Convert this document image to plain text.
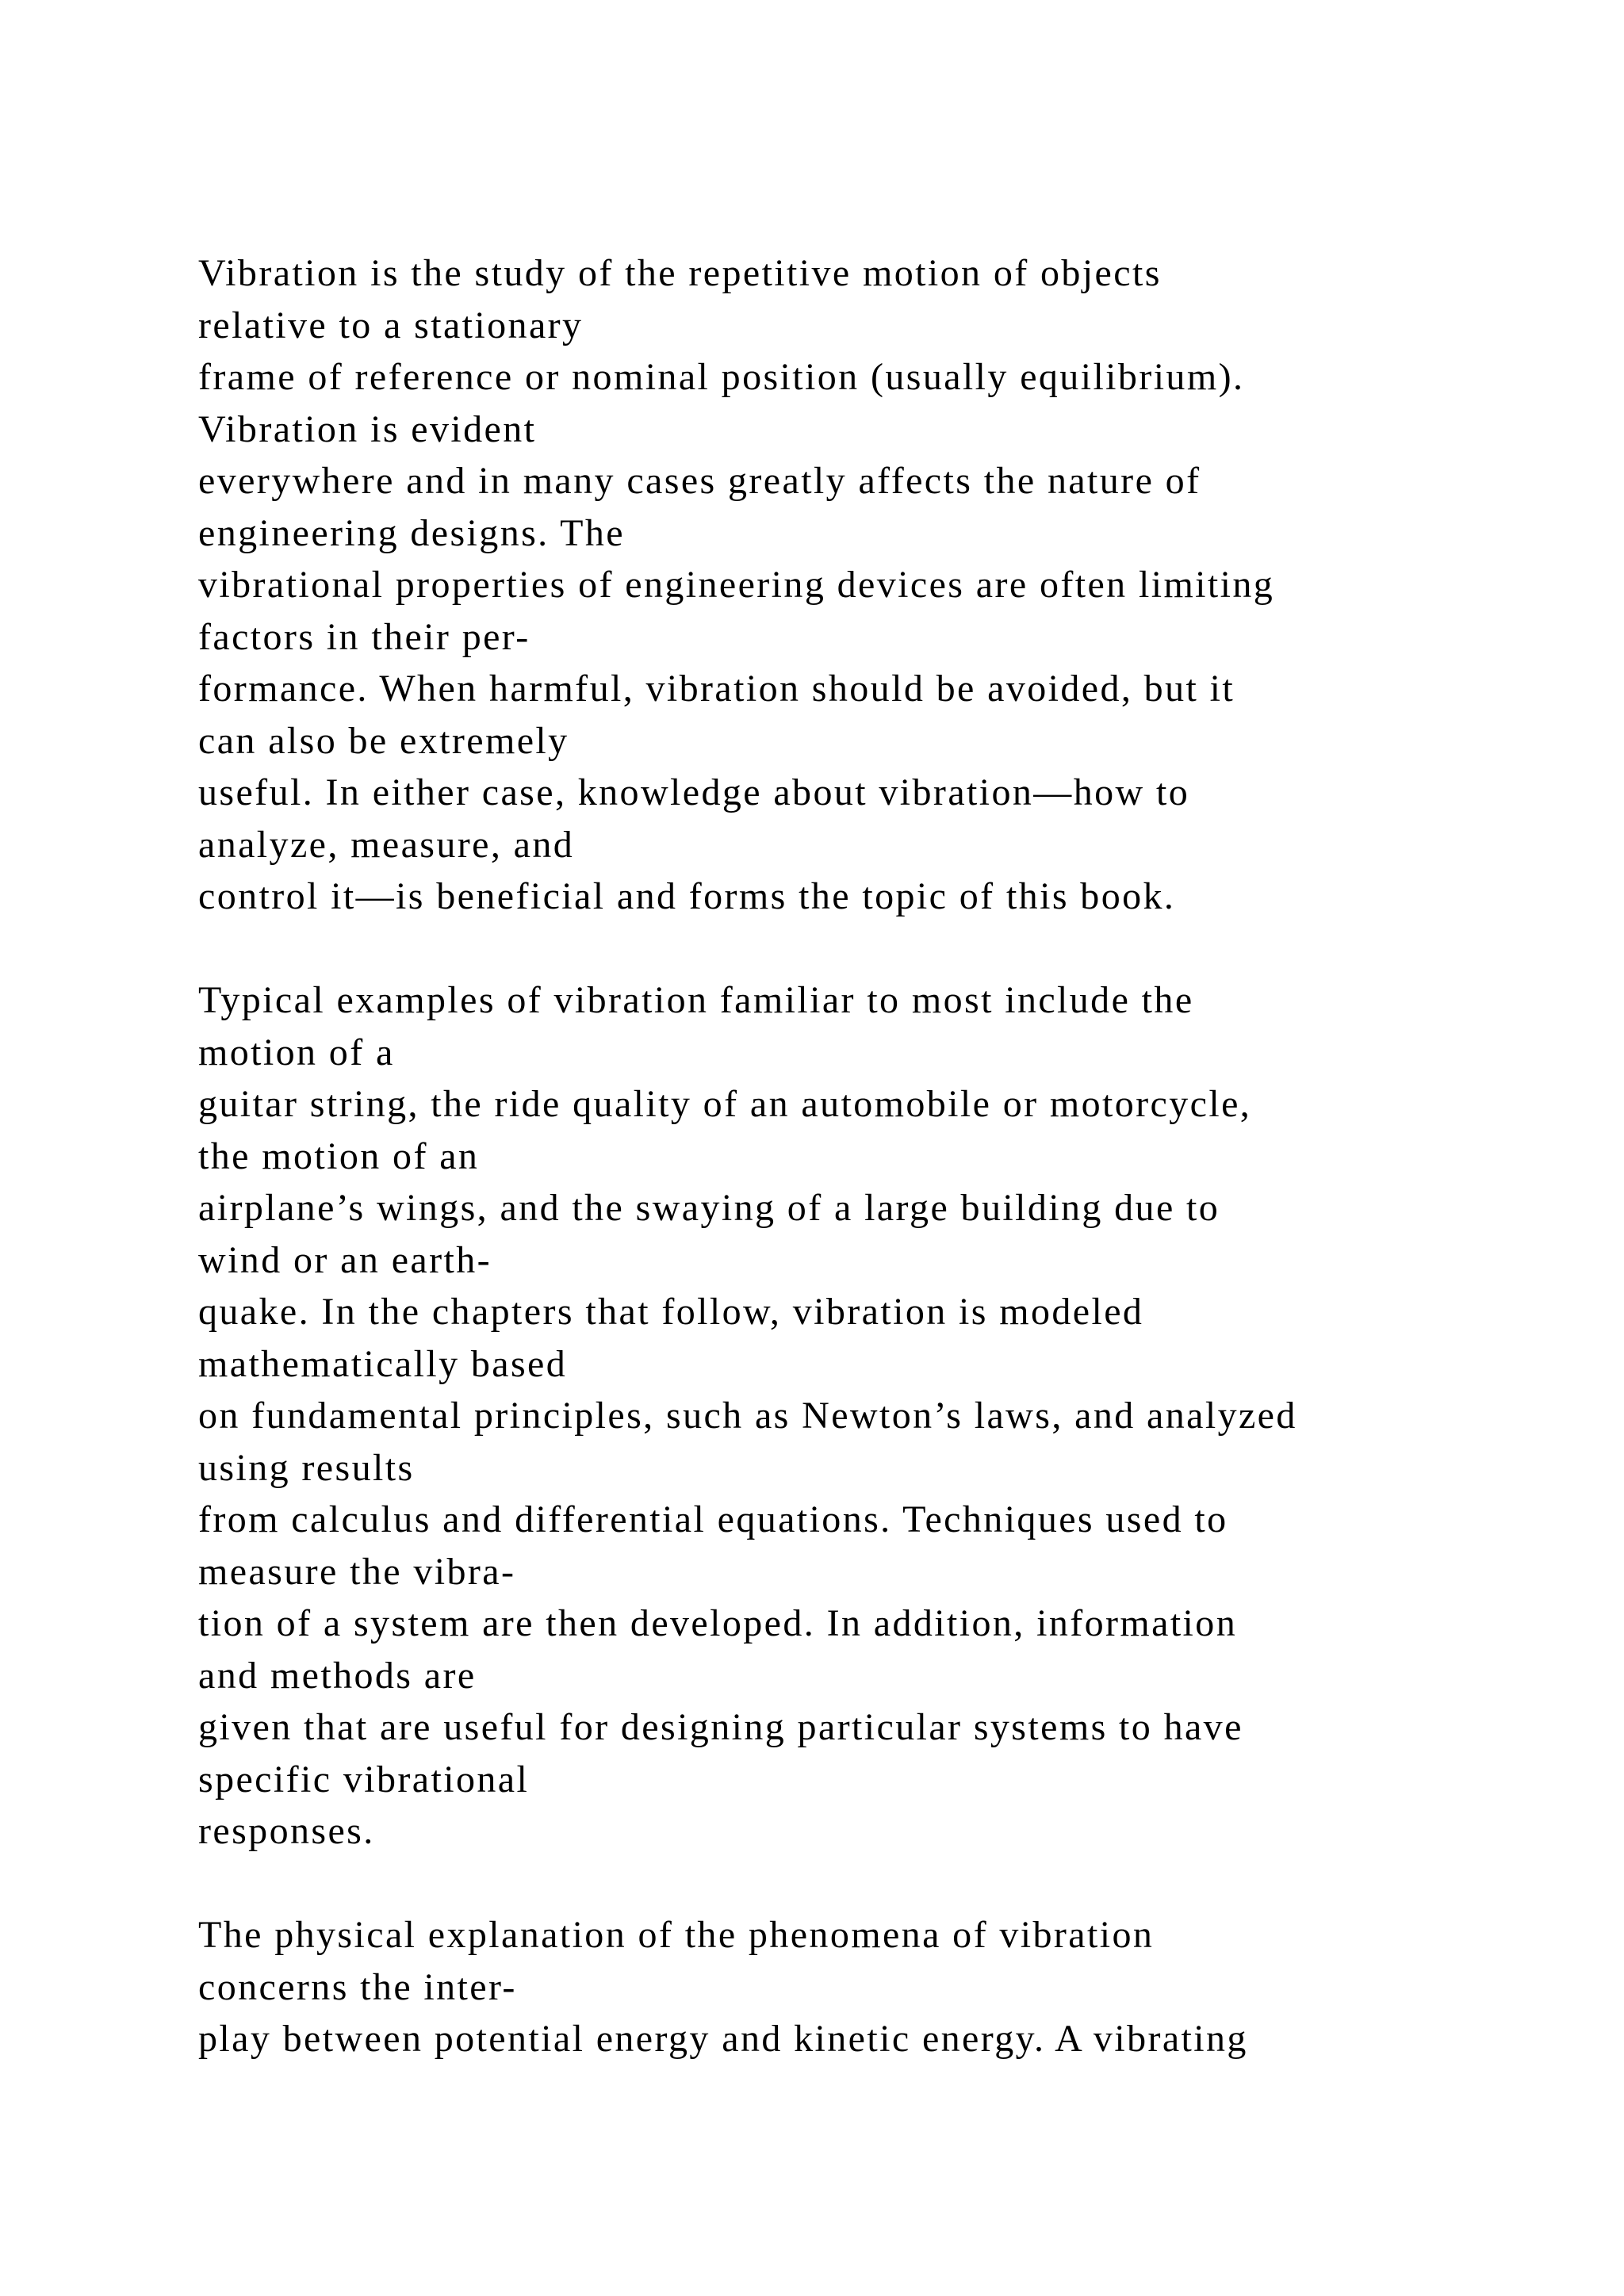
Vibration is the study of the repetitive motion of objects
relative to a stationary
frame of reference or nominal position (usually equilibrium).
Vibration is evident
everywhere and in many cases greatly affects the nature of
engineering designs. The
vibrational properties of engineering devices are often limiting
factors in their per-
formance. When harmful, vibration should be avoided, but it
can also be extremely
useful. In either case, knowledge about vibration—how to
analyze, measure, and
control it—is beneficial and forms the topic of this book.
Typical examples of vibration familiar to most include the
motion of a
guitar string, the ride quality of an automobile or motorcycle,
the motion of an
airplane’s wings, and the swaying of a large building due to
wind or an earth-
quake. In the chapters that follow, vibration is modeled
mathematically based
on fundamental principles, such as Newton’s laws, and analyzed
using results
from calculus and differential equations. Techniques used to
measure the vibra-
tion of a system are then developed. In addition, information
and methods are
given that are useful for designing particular systems to have
specific vibrational
responses.
The physical explanation of the phenomena of vibration
concerns the inter-
play between potential energy and kinetic energy. A vibrating
